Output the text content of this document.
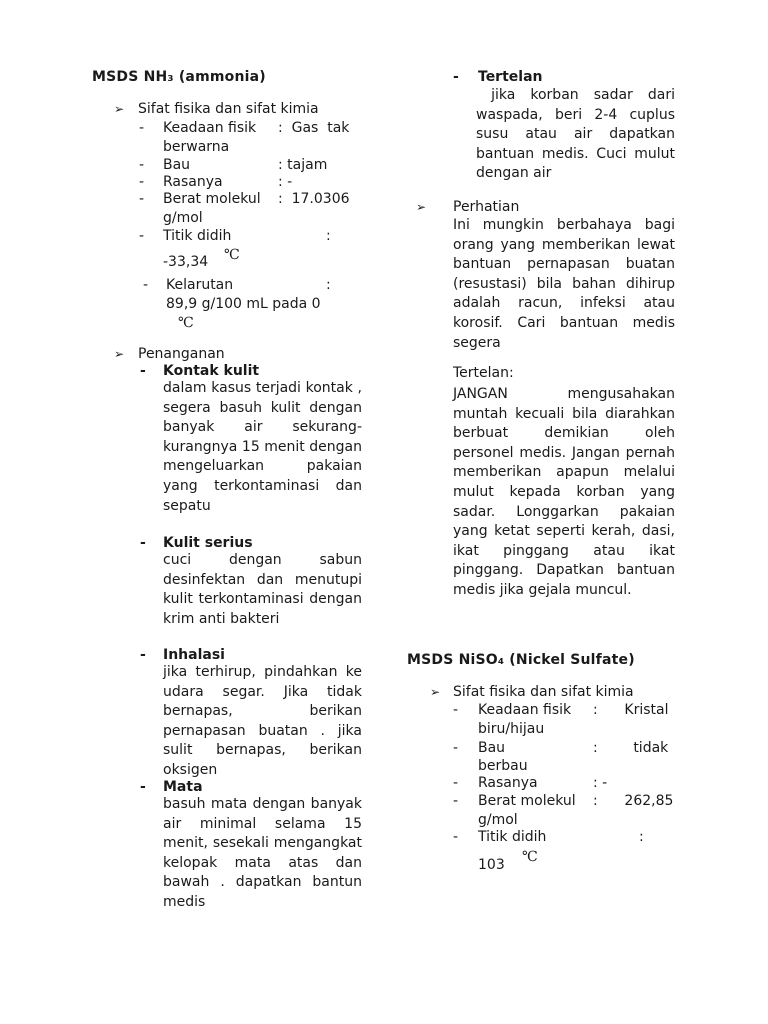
MSDS NH₃ (ammonia)
➢ Sifat fisika dan sifat kimia
- Keadaan fisik :  Gas  tak
berwarna
- Bau	: tajam
- Rasanya	: -
- Berat molekul :  17.0306
g/mol
- Titik didih	:
-33,34 ℃
- Kelarutan	:
89,9 g/100 mL pada 0
℃
➢ Penanganan
- Kontak kulit
dalam kasus terjadi kontak , segera basuh kulit dengan banyak air sekurang-kurangnya 15 menit dengan mengeluarkan pakaian yang terkontaminasi dan sepatu
- Kulit serius
cuci dengan sabun desinfektan dan menutupi kulit terkontaminasi dengan krim anti bakteri
- Inhalasi
jika terhirup, pindahkan ke udara segar. Jika tidak bernapas, berikan pernapasan buatan . jika sulit bernapas, berikan oksigen
- Mata
basuh mata dengan banyak air minimal selama 15 menit, sesekali mengangkat kelopak mata atas dan bawah . dapatkan bantun medis
- Tertelan
jika korban sadar dari waspada, beri 2-4 cuplus susu atau air dapatkan bantuan medis. Cuci mulut dengan air
➢ Perhatian
Ini mungkin berbahaya bagi orang yang memberikan lewat bantuan pernapasan buatan (resustasi) bila bahan dihirup adalah racun, infeksi atau korosif. Cari bantuan medis segera
Tertelan:
JANGAN mengusahakan muntah kecuali bila diarahkan berbuat demikian oleh personel medis. Jangan pernah memberikan apapun melalui mulut kepada korban yang sadar. Longgarkan pakaian yang ketat seperti kerah, dasi, ikat pinggang atau ikat pinggang. Dapatkan bantuan medis jika gejala muncul.
MSDS NiSO₄ (Nickel Sulfate)
➢ Sifat fisika dan sifat kimia
- Keadaan fisik :      Kristal
biru/hijau
- Bau	:        tidak
berbau
- Rasanya	: -
- Berat molekul :      262,85
g/mol
- Titik didih	:
103 ℃
